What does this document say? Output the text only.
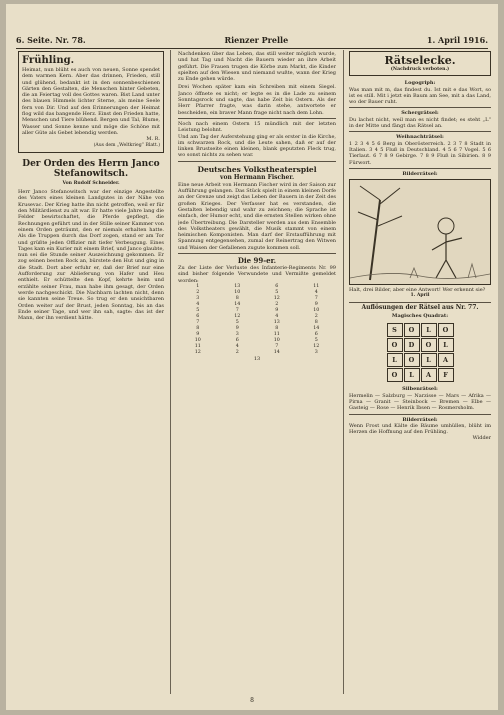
6. Seite. Nr. 78.	Rienzer Prelle	1. April 1916.
Frühling.

Heimat, nun blüht es auch von neuen, Sonne spendet dem warmen Kern. Aber das drinnen, Frieden, still und glühend, bedankt ist in den sonnenbeschienen Gärten den Gestalten, die Menschen hinter Gebeten, die an Feiertag voll des Gottes waren. Bist Land unter des blauen Himmels lichter Sterne, als meine Seele fern von Dir. Und auf den Erinnerungen der Heimat flog wild das bangende Herz. Einst den Frieden hatte, Menschen und Tiere blühend. Bergen und Tal, Blume, Wasser und Sonne kenne und möge die Schöne mit aller Güte als Gebet lebendig werden.

M. R.
(Aus dem „Weltkrieg“ Blatt.)
Der Orden des Herrn Janco Stefanowitsch.
Von Rudolf Schneider.

Herr Janco Stefanowitsch war der einzige Angestellte des Vaters eines kleinen Landgutes in der Nähe von Krusevac. Der Krieg hatte ihn nicht getroffen, weil er für den Militärdienst zu alt war. Er hatte viele Jahre lang die Felder bewirtschaftet, die Pferde gepflegt, die Rechnungen geführt und in der Stille seiner Kammer von einem Orden geträumt, den er niemals erhalten hatte. Als die Truppen durch das Dorf zogen, stand er am Tor und grüßte jeden Offizier mit tiefer Verbeugung. Eines Tages kam ein Kurier mit einem Brief, und Janco glaubte, nun sei die Stunde seiner Auszeichnung gekommen. Er zog seinen besten Rock an, bürstete den Hut und ging in die Stadt. Dort aber erfuhr er, daß der Brief nur eine Aufforderung zur Ablieferung von Hafer und Heu enthielt. Er schüttelte den Kopf, kehrte heim und erzählte seiner Frau, man habe ihm gesagt, der Orden werde nachgeschickt. Die Nachbarn lachten nicht, denn sie kannten seine Treue. So trug er den unsichtbaren Orden weiter auf der Brust, jeden Sonntag, bis an das Ende seiner Tage, und wer ihn sah, sagte: das ist der Mann, der ihn verdient hätte.

Nachdenken über das Leben, das still weiter möglich wurde, und hat Tag und Nacht die Bauern wieder an ihre Arbeit geführt. Die Frauen trugen die Körbe zum Markt, die Kinder spielten auf den Wiesen und niemand wußte, wann der Krieg zu Ende gehen würde.

Drei Wochen später kam ein Schreiben mit einem Siegel. Janco öffnete es nicht; er legte es in die Lade zu seinem Sonntagsrock und sagte, das habe Zeit bis Ostern. Als der Herr Pfarrer fragte, was darin stehe, antwortete er bescheiden, ein braver Mann frage nicht nach dem Lohn.

Noch nach einem Ostern 15 mündlich mit der letzten Leistung belohnt.

Und am Tag der Auferstehung ging er als erster in die Kirche, im schwarzen Rock, und die Leute sahen, daß er auf der linken Brustseite einen kleinen, blank geputzten Fleck trug, wo sonst nichts zu sehen war.

Deutsches Volkstheaterspiel
von Hermann Fischer.

Eine neue Arbeit von Hermann Fischer wird in der Saison zur Aufführung gelangen. Das Stück spielt in einem kleinen Dorfe an der Grenze und zeigt das Leben der Bauern in der Zeit des großen Krieges. Der Verfasser hat es verstanden, die Gestalten lebendig und wahr zu zeichnen; die Sprache ist einfach, der Humor echt, und die ernsten Stellen wirken ohne jede Übertreibung. Die Darsteller werden aus dem Ensemble des Volkstheaters gewählt, die Musik stammt von einem heimischen Komponisten. Man darf der Erstaufführung mit Spannung entgegensehen, zumal der Reinertrag den Witwen und Waisen der Gefallenen zugute kommen soll.

Die 99-er.

Zu der Liste der Verluste des Infanterie-Regiments Nr. 99 sind bisher folgende Verwundete und Vermißte gemeldet worden:

1	13	6	11
2	10	5	4
3	8	12	7
4	14	2	9
5	7	9	10
6	12	4	2
7	5	13	8
8	9	8	14
9	3	11	6
10	6	10	5
11	4	7	12
12	2	14	3
13
Rätselecke.
(Nachdruck verboten.)
Logogriph:

Was man mit m, das findest du. Ist mit e das Wort, so ist es still. Mit i jetzt ein Baum am See, mit a das Land, wo der Bauer ruht.

Schergrätsel:

Du lachst nicht, weil man es nicht findet; es steht „L“ in der Mitte und fängt das Rätsel an.

Weihnachträtsel:

1 2 3 4 5 6 Berg in Oberösterreich. 2 3 7 8 Stadt in Italien. 3 4 5 Fluß in Deutschland. 4 5 6 7 Vogel. 5 6 Tierlaut. 6 7 8 9 Gebirge. 7 8 9 Fluß in Sibirien. 8 9 Fürwort.

Bilderrätsel:

Halt, drei Bilder, aber eine Antwort! Wer erkennt sie?

1. April
Auflösungen der Rätsel aus Nr. 77.
Magisches Quadrat:
S	O	L	O
O	D	O	L
L	O	L	A
O	L	A	F
Silbenrätsel:

Hermelin — Salzburg — Narzisse — Mars — Afrika — Pirna — Granit — Steinbock — Bremen — Elbe — Gasteig — Rose — Henrik Ibsen — Rosmersholm.

Bilderrätsel:

Wenn Frost und Kälte die Bäume umhüllen, blüht im Herzen die Hoffnung auf den Frühling.

Widder
8
